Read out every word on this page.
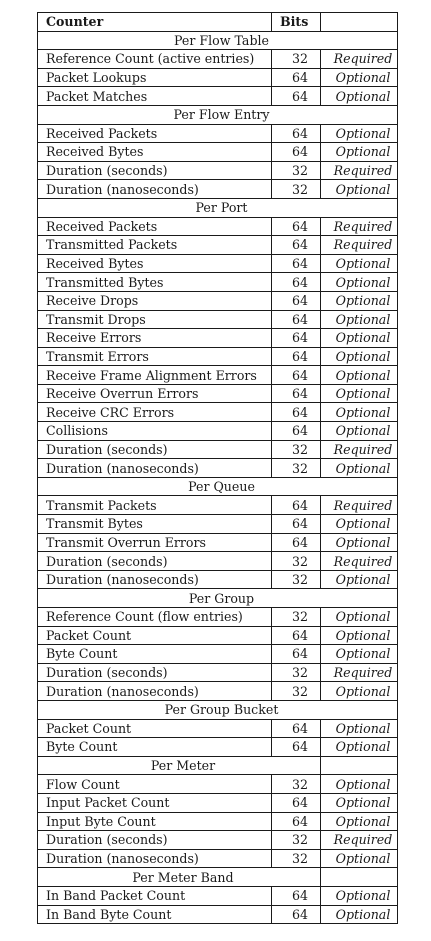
Counter	Bits	
Per Flow Table		
Reference Count (active entries)	32	Required
Packet Lookups	64	Optional
Packet Matches	64	Optional
Per Flow Entry		
Received Packets	64	Optional
Received Bytes	64	Optional
Duration (seconds)	32	Required
Duration (nanoseconds)	32	Optional
Per Port		
Received Packets	64	Required
Transmitted Packets	64	Required
Received Bytes	64	Optional
Transmitted Bytes	64	Optional
Receive Drops	64	Optional
Transmit Drops	64	Optional
Receive Errors	64	Optional
Transmit Errors	64	Optional
Receive Frame Alignment Errors	64	Optional
Receive Overrun Errors	64	Optional
Receive CRC Errors	64	Optional
Collisions	64	Optional
Duration (seconds)	32	Required
Duration (nanoseconds)	32	Optional
Per Queue		
Transmit Packets	64	Required
Transmit Bytes	64	Optional
Transmit Overrun Errors	64	Optional
Duration (seconds)	32	Required
Duration (nanoseconds)	32	Optional
Per Group		
Reference Count (flow entries)	32	Optional
Packet Count	64	Optional
Byte Count	64	Optional
Duration (seconds)	32	Required
Duration (nanoseconds)	32	Optional
Per Group Bucket		
Packet Count	64	Optional
Byte Count	64	Optional
Per Meter		
Flow Count	32	Optional
Input Packet Count	64	Optional
Input Byte Count	64	Optional
Duration (seconds)	32	Required
Duration (nanoseconds)	32	Optional
Per Meter Band		
In Band Packet Count	64	Optional
In Band Byte Count	64	Optional
